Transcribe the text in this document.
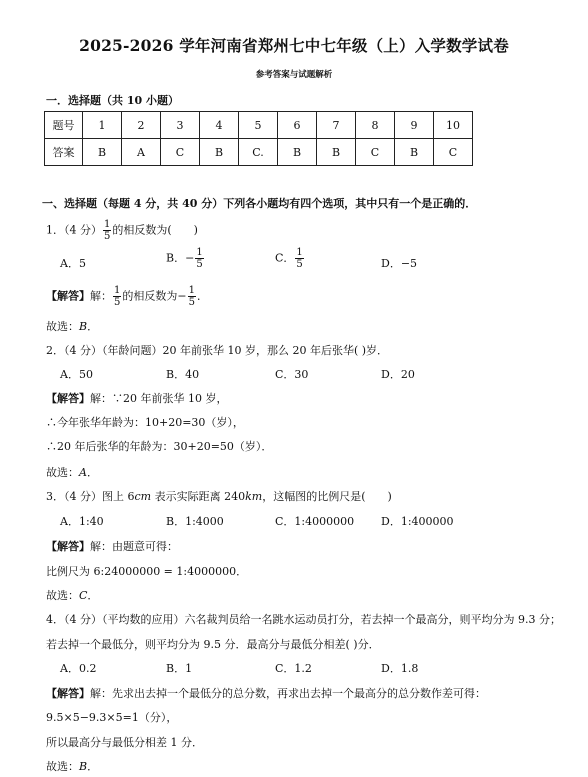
2025-2026 学年河南省郑州七中七年级（上）入学数学试卷
参考答案与试题解析
一．选择题（共 10 小题）
题号	1	2	3	4	5	6	7	8	9	10
答案	B	A	C	B	C.	B	B	C	B	C
一、选择题（每题 4 分，共 40 分）下列各小题均有四个选项，其中只有一个是正确的．
1．（4 分） $\frac{1}{5}$ 的相反数为(　　)
A．5	B．− $\frac{1}{5}$	C． $\frac{1}{5}$	D．−5
【解答】解： $\frac{1}{5}$ 的相反数为− $\frac{1}{5}$ ．
故选：B．
2．（4 分）（年龄问题）20 年前张华 10 岁，那么 20 年后张华( )岁．
A．50	B．40	C．30	D．20
【解答】解：∵20 年前张华 10 岁，
∴今年张华年龄为：10+20=30（岁），
∴20 年后张华的年龄为：30+20=50（岁）．
故选：A．
3．（4 分）图上 6cm 表示实际距离 240km，这幅图的比例尺是(　　)
A．1:40	B．1:4000	C．1:4000000 D．1:400000
【解答】解：由题意可得：
比例尺为 6:24000000 = 1:4000000．
故选：C．
4．（4 分）（平均数的应用）六名裁判员给一名跳水运动员打分，若去掉一个最高分，则平均分为 9.3 分；
若去掉一个最低分，则平均分为 9.5 分．最高分与最低分相差( )分．
A．0.2	B．1	C．1.2	D．1.8
【解答】解：先求出去掉一个最低分的总分数，再求出去掉一个最高分的总分数作差可得：
9.5×5−9.3×5=1（分），
所以最高分与最低分相差 1 分．
故选：B．
